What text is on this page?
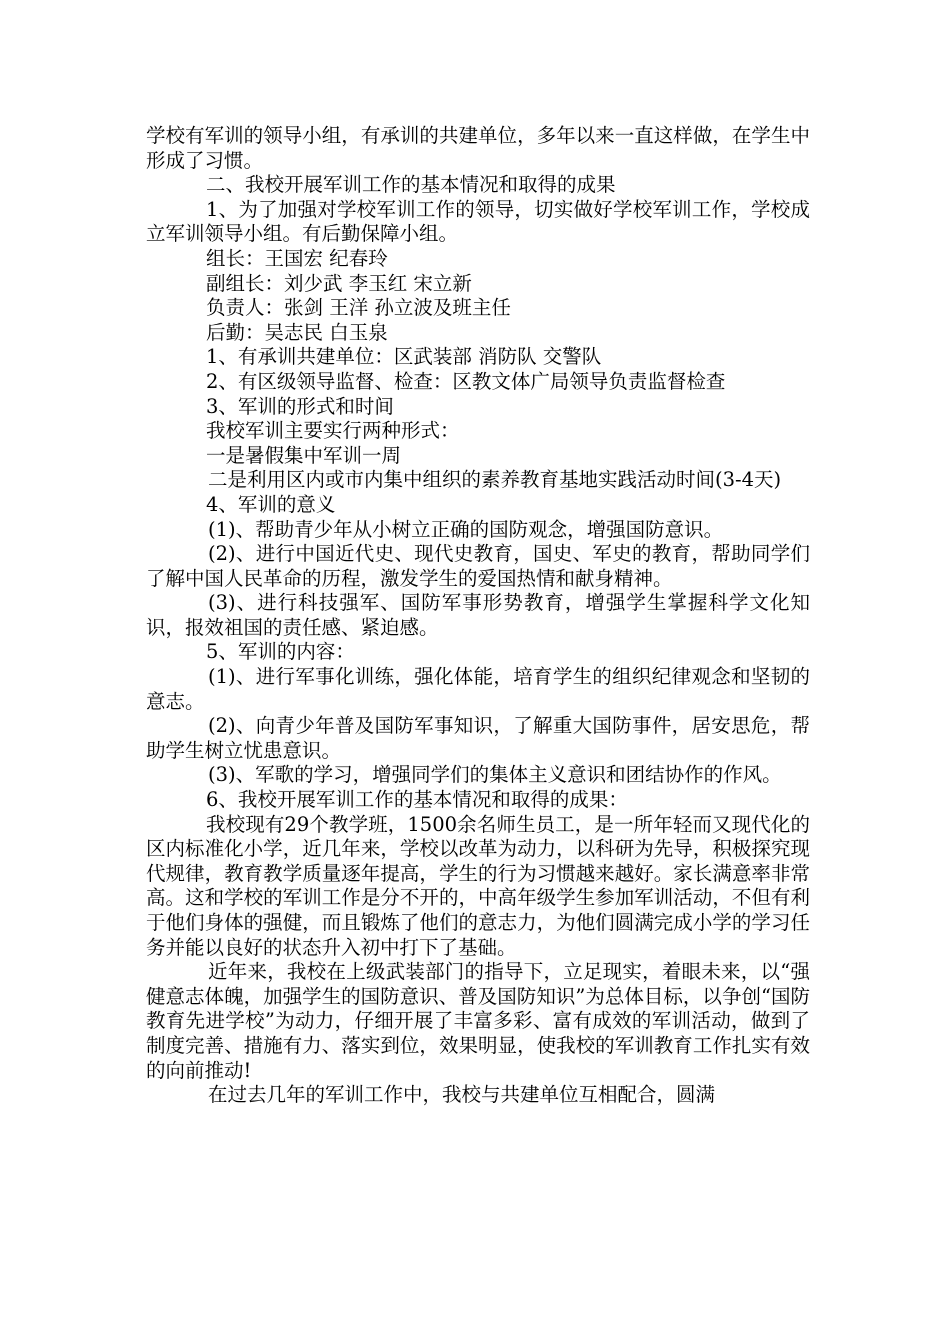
学校有军训的领导小组，有承训的共建单位，多年以来一直这样做，在学生中形成了习惯。

二、我校开展军训工作的基本情况和取得的成果

1、为了加强对学校军训工作的领导，切实做好学校军训工作，学校成立军训领导小组。有后勤保障小组。

组长：王国宏 纪春玲

副组长：刘少武 李玉红 宋立新

负责人：张剑 王洋 孙立波及班主任

后勤：吴志民 白玉泉

1、有承训共建单位：区武装部 消防队 交警队

2、有区级领导监督、检查：区教文体广局领导负责监督检查

3、军训的形式和时间

我校军训主要实行两种形式：

一是暑假集中军训一周

二是利用区内或市内集中组织的素养教育基地实践活动时间(3-4天)

4、军训的意义

(1)、帮助青少年从小树立正确的国防观念，增强国防意识。

(2)、进行中国近代史、现代史教育，国史、军史的教育，帮助同学们了解中国人民革命的历程，激发学生的爱国热情和献身精神。

(3)、进行科技强军、国防军事形势教育，增强学生掌握科学文化知识，报效祖国的责任感、紧迫感。

5、军训的内容：

(1)、进行军事化训练，强化体能，培育学生的组织纪律观念和坚韧的意志。

(2)、向青少年普及国防军事知识，了解重大国防事件，居安思危，帮助学生树立忧患意识。

(3)、军歌的学习，增强同学们的集体主义意识和团结协作的作风。

6、我校开展军训工作的基本情况和取得的成果：

我校现有29个教学班，1500余名师生员工，是一所年轻而又现代化的区内标准化小学，近几年来，学校以改革为动力，以科研为先导，积极探究现代规律，教育教学质量逐年提高，学生的行为习惯越来越好。家长满意率非常高。这和学校的军训工作是分不开的，中高年级学生参加军训活动，不但有利于他们身体的强健，而且锻炼了他们的意志力，为他们圆满完成小学的学习任务并能以良好的状态升入初中打下了基础。

近年来，我校在上级武装部门的指导下，立足现实，着眼未来，以“强健意志体魄，加强学生的国防意识、普及国防知识”为总体目标，以争创“国防教育先进学校”为动力，仔细开展了丰富多彩、富有成效的军训活动，做到了制度完善、措施有力、落实到位，效果明显，使我校的军训教育工作扎实有效的向前推动!

在过去几年的军训工作中，我校与共建单位互相配合，圆满
